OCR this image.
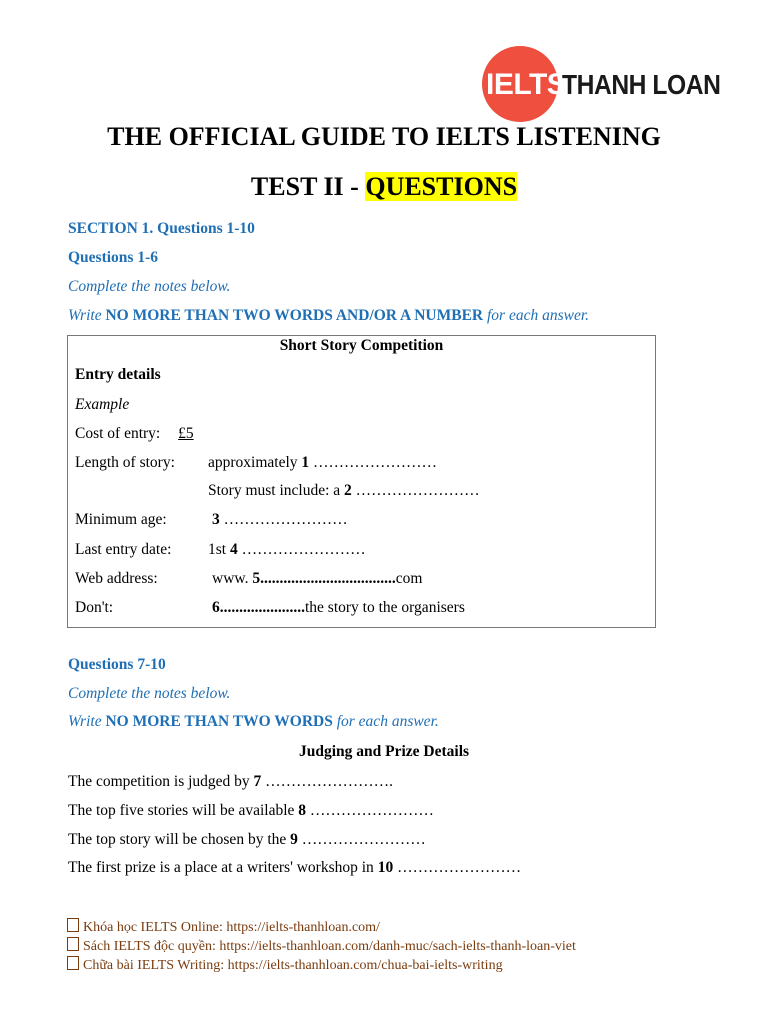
IELTS
THANH LOAN
THE OFFICIAL GUIDE TO IELTS LISTENING
TEST II - QUESTIONS
SECTION 1. Questions 1-10
Questions 1-6
Complete the notes below.
Write NO MORE THAN TWO WORDS AND/OR A NUMBER for each answer.
Short Story Competition
Entry details
Example
Cost of entry: £5
Length of story: approximately 1 ……………………
Story must include: a 2 ……………………
Minimum age:	3 ……………………
Last entry date: 1st 4 ……………………
Web address:	www. 5...................................com
Don't:	6......................the story to the organisers
Questions 7-10
Complete the notes below.
Write NO MORE THAN TWO WORDS for each answer.
Judging and Prize Details
The competition is judged by 7 …………………….
The top five stories will be available 8 ……………………
The top story will be chosen by the 9 ……………………
The first prize is a place at a writers' workshop in 10 ……………………
Khóa học IELTS Online: https://ielts-thanhloan.com/
Sách IELTS độc quyền: https://ielts-thanhloan.com/danh-muc/sach-ielts-thanh-loan-viet
Chữa bài IELTS Writing: https://ielts-thanhloan.com/chua-bai-ielts-writing
